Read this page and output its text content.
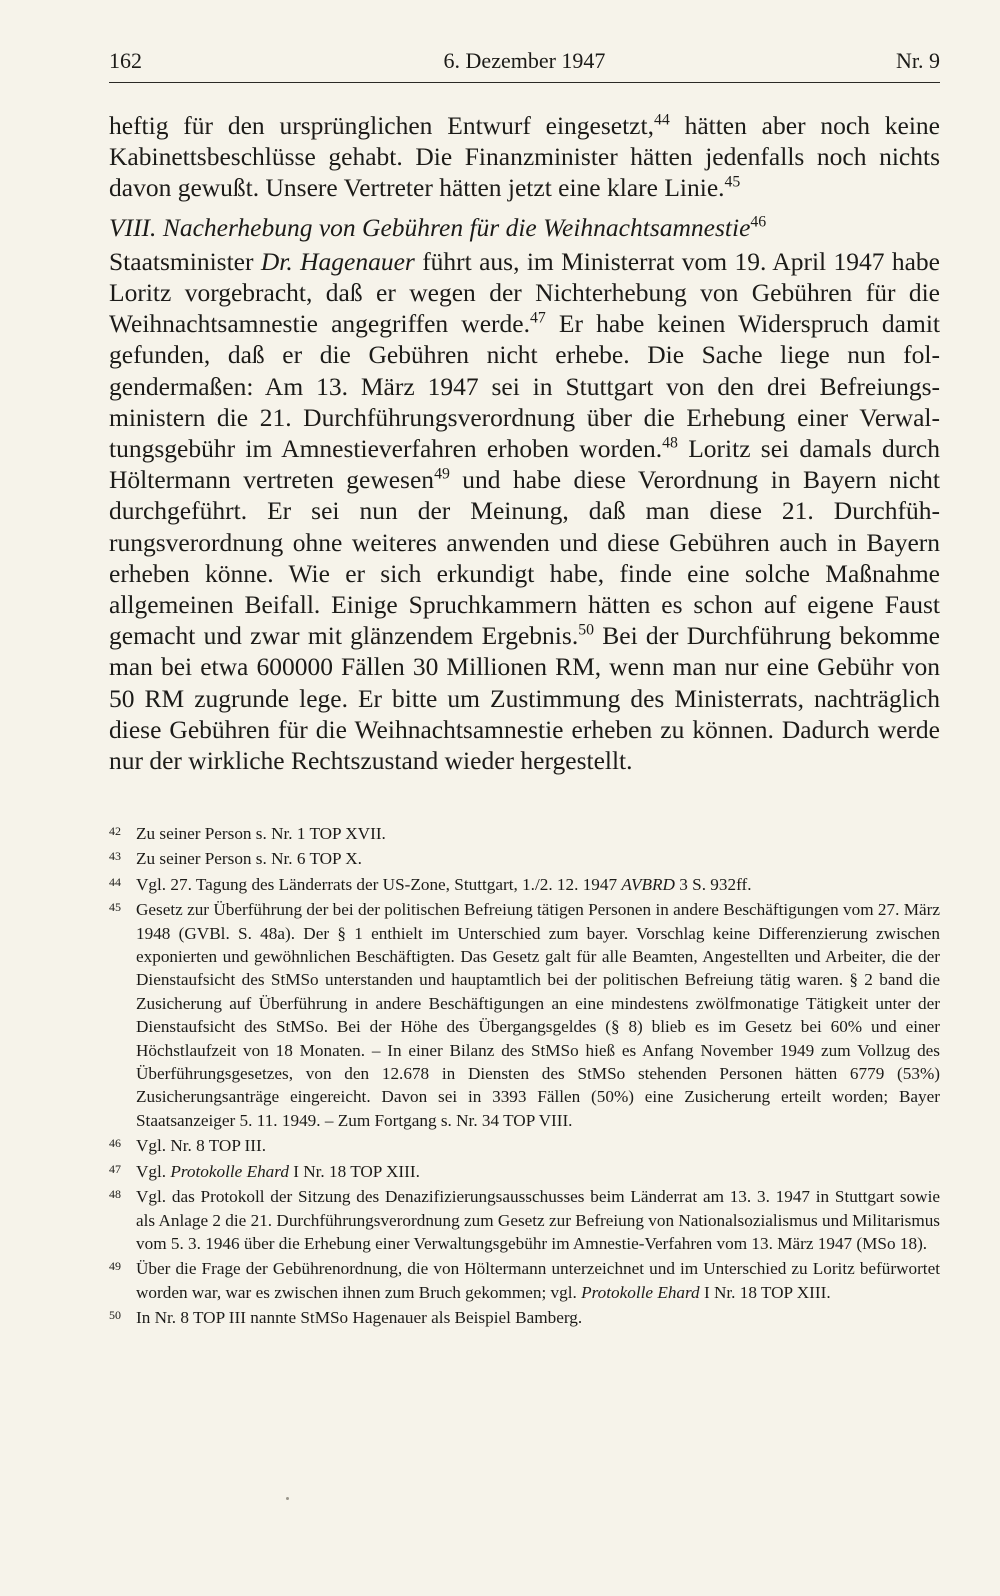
162	6. Dezember 1947	Nr. 9

heftig für den ursprünglichen Entwurf eingesetzt,$^{44}$ hätten aber noch keine Kabinettsbeschlüsse gehabt. Die Finanzminister hätten jedenfalls noch nichts davon gewußt. Unsere Vertreter hätten jetzt eine klare Linie.$^{45}$

VIII. Nacherhebung von Gebühren für die Weihnachtsamnestie$^{46}$

Staatsminister Dr. Hagenauer führt aus, im Ministerrat vom 19. April 1947 habe Loritz vorgebracht, daß er wegen der Nichterhebung von Gebühren für die Weihnachtsamnestie angegriffen werde.$^{47}$ Er habe keinen Widerspruch damit gefunden, daß er die Gebühren nicht erhebe. Die Sache liege nun folgendermaßen: Am 13. März 1947 sei in Stuttgart von den drei Befreiungsministern die 21. Durchführungsverordnung über die Erhebung einer Verwaltungsgebühr im Amnestieverfahren erhoben worden.$^{48}$ Loritz sei damals durch Höltermann vertreten gewesen$^{49}$ und habe diese Verordnung in Bayern nicht durchgeführt. Er sei nun der Meinung, daß man diese 21. Durchführungsverordnung ohne weiteres anwenden und diese Gebühren auch in Bayern erheben könne. Wie er sich erkundigt habe, finde eine solche Maßnahme allgemeinen Beifall. Einige Spruchkammern hätten es schon auf eigene Faust gemacht und zwar mit glänzendem Ergebnis.$^{50}$ Bei der Durchführung bekomme man bei etwa 600000 Fällen 30 Millionen RM, wenn man nur eine Gebühr von 50 RM zugrunde lege. Er bitte um Zustimmung des Ministerrats, nachträglich diese Gebühren für die Weihnachtsamnestie erheben zu können. Dadurch werde nur der wirkliche Rechtszustand wieder hergestellt.

42 Zu seiner Person s. Nr. 1 TOP XVII.

43 Zu seiner Person s. Nr. 6 TOP X.

44 Vgl. 27. Tagung des Länderrats der US-Zone, Stuttgart, 1./2. 12. 1947 AVBRD 3 S. 932ff.

45 Gesetz zur Überführung der bei der politischen Befreiung tätigen Personen in andere Beschäftigungen vom 27. März 1948 (GVBl. S. 48a). Der § 1 enthielt im Unterschied zum bayer. Vorschlag keine Differenzierung zwischen exponierten und gewöhnlichen Beschäftigten. Das Gesetz galt für alle Beamten, Angestellten und Arbeiter, die der Dienstaufsicht des StMSo unterstanden und hauptamtlich bei der politischen Befreiung tätig waren. § 2 band die Zusicherung auf Überführung in andere Beschäftigungen an eine mindestens zwölfmonatige Tätigkeit unter der Dienstaufsicht des StMSo. Bei der Höhe des Übergangsgeldes (§ 8) blieb es im Gesetz bei 60% und einer Höchstlaufzeit von 18 Monaten. – In einer Bilanz des StMSo hieß es Anfang November 1949 zum Vollzug des Überführungsgesetzes, von den 12.678 in Diensten des StMSo stehenden Personen hätten 6779 (53%) Zusicherungsanträge eingereicht. Davon sei in 3393 Fällen (50%) eine Zusicherung erteilt worden; Bayer Staatsanzeiger 5. 11. 1949. – Zum Fortgang s. Nr. 34 TOP VIII.

46 Vgl. Nr. 8 TOP III.

47 Vgl. Protokolle Ehard I Nr. 18 TOP XIII.

48 Vgl. das Protokoll der Sitzung des Denazifizierungsausschusses beim Länderrat am 13. 3. 1947 in Stuttgart sowie als Anlage 2 die 21. Durchführungsverordnung zum Gesetz zur Befreiung von Nationalsozialismus und Militarismus vom 5. 3. 1946 über die Erhebung einer Verwaltungsgebühr im Amnestie-Verfahren vom 13. März 1947 (MSo 18).

49 Über die Frage der Gebührenordnung, die von Höltermann unterzeichnet und im Unterschied zu Loritz befürwortet worden war, war es zwischen ihnen zum Bruch gekommen; vgl. Protokolle Ehard I Nr. 18 TOP XIII.

50 In Nr. 8 TOP III nannte StMSo Hagenauer als Beispiel Bamberg.
